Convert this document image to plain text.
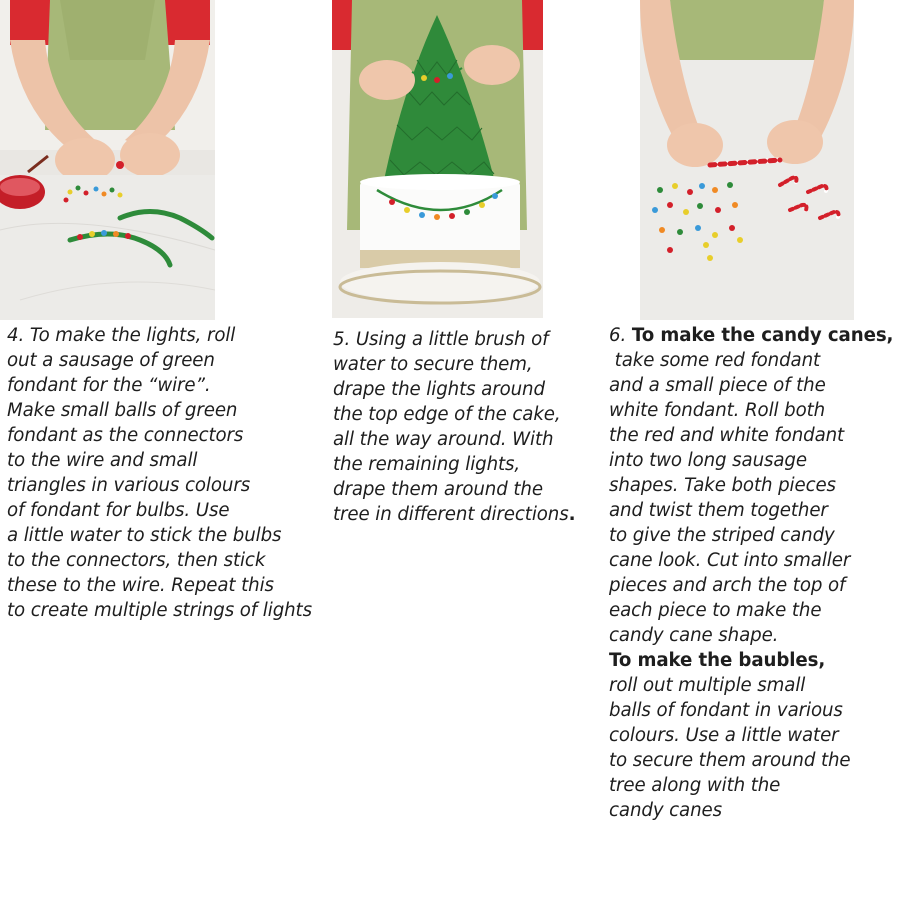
4. To make the lights, roll
out a sausage of green
fondant for the “wire”.
Make small balls of green
fondant as the connectors
to the wire and small
triangles in various colours
of fondant for bulbs. Use
a little water to stick the bulbs
to the connectors, then stick
these to the wire. Repeat this
to create multiple strings of lights
5. Using a little brush of
water to secure them,
drape the lights around
the top edge of the cake,
all the way around. With
the remaining lights,
drape them around the
tree in different directions.
6. To make the candy canes,
take some red fondant
and a small piece of the
white fondant. Roll both
the red and white fondant
into two long sausage
shapes. Take both pieces
and twist them together
to give the striped candy
cane look. Cut into smaller
pieces and arch the top of
each piece to make the
candy cane shape.
To make the baubles,
roll out multiple small
balls of fondant in various
colours. Use a little water
to secure them around the
tree along with the
candy canes
